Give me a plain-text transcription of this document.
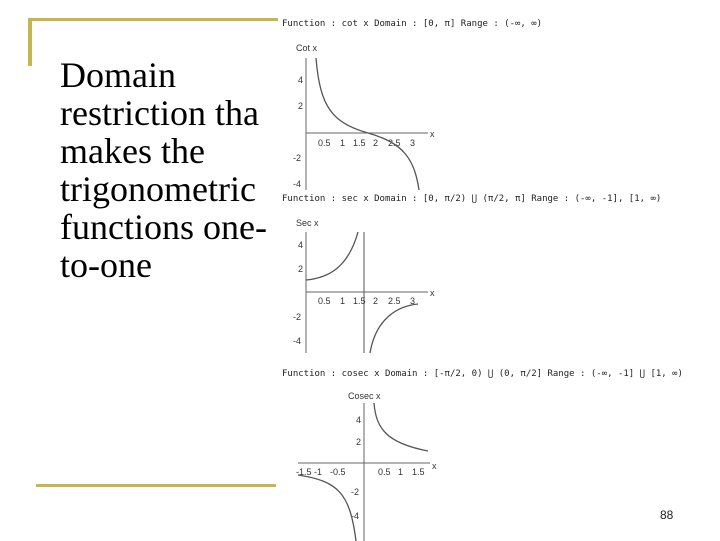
Domain
restriction tha
makes the
trigonometric
functions one-
to-one
Function : cot x Domain : [0, π] Range : (-∞, ∞)
Cot x
x
4
2
-2
-4
0.5 1 1.5 2 2.5 3
Function : sec x Domain : [0, π/2) ⋃ (π/2, π] Range : (-∞, -1], [1, ∞)
Sec x
x
4
2
-2
-4
0.5 1 1.5 2 2.5 3
Function : cosec x Domain : [-π/2, 0) ⋃ (0, π/2] Range : (-∞, -1] ⋃ [1, ∞)
Cosec x
x
4
2
-2
-4
-1.5 -1 -0.5	0.5 1 1.5
88
